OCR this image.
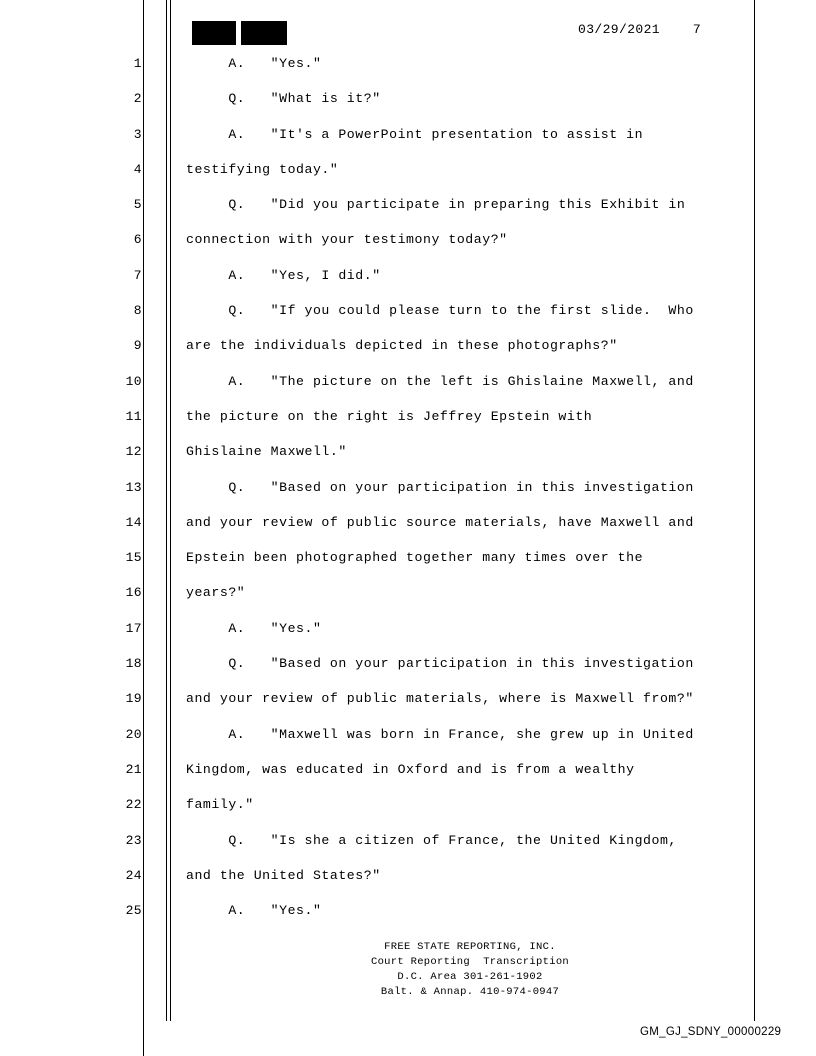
03/29/2021	7
1	A.   "Yes."
2	Q.   "What is it?"
3	A.   "It's a PowerPoint presentation to assist in
4	testifying today."
5	Q.   "Did you participate in preparing this Exhibit in
6	connection with your testimony today?"
7	A.   "Yes, I did."
8	Q.   "If you could please turn to the first slide.  Who
9	are the individuals depicted in these photographs?"
10	A.   "The picture on the left is Ghislaine Maxwell, and
11	the picture on the right is Jeffrey Epstein with
12	Ghislaine Maxwell."
13	Q.   "Based on your participation in this investigation
14	and your review of public source materials, have Maxwell and
15	Epstein been photographed together many times over the
16	years?"
17	A.   "Yes."
18	Q.   "Based on your participation in this investigation
19	and your review of public materials, where is Maxwell from?"
20	A.   "Maxwell was born in France, she grew up in United
21	Kingdom, was educated in Oxford and is from a wealthy
22	family."
23	Q.   "Is she a citizen of France, the United Kingdom,
24	and the United States?"
25	A.   "Yes."
FREE STATE REPORTING, INC.
Court Reporting  Transcription
D.C. Area 301-261-1902
Balt. & Annap. 410-974-0947
GM_GJ_SDNY_00000229
